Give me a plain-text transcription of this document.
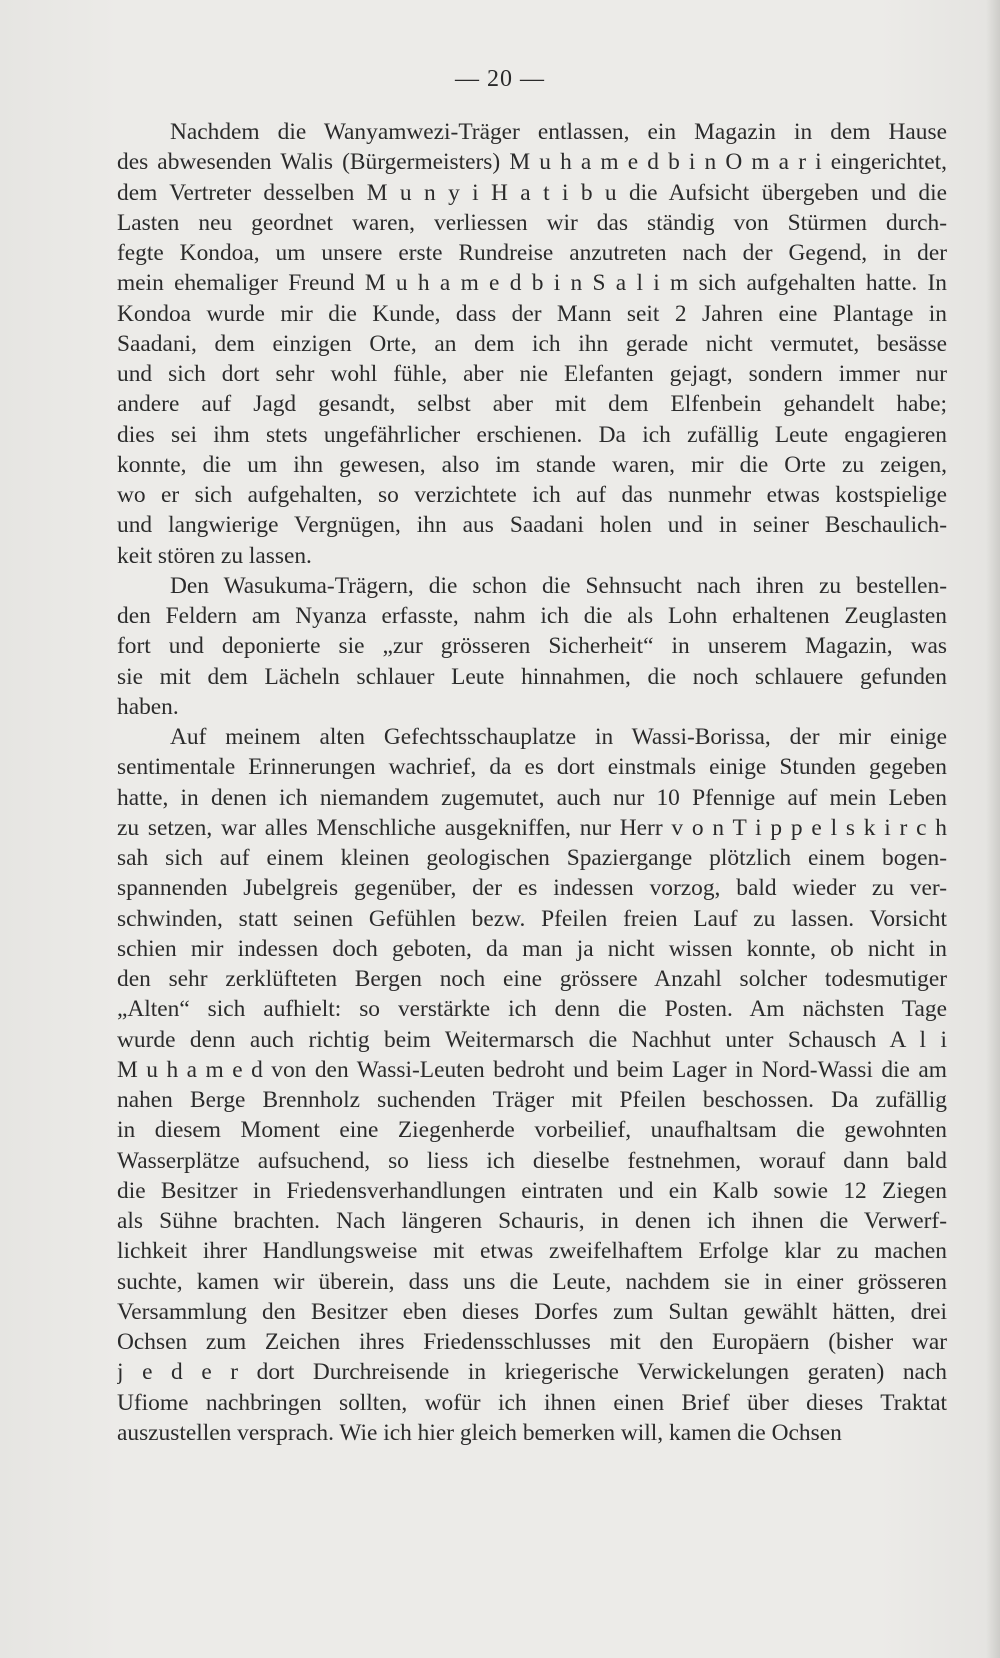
— 20 —
Nachdem die Wanyamwezi-Träger entlassen, ein Magazin in dem Hause
des abwesenden Walis (Bürgermeisters) M u h a m e d b i n O m a r i eingerichtet,
dem Vertreter desselben M u n y i H a t i b u die Aufsicht übergeben und die
Lasten neu geordnet waren, verliessen wir das ständig von Stürmen durch-
fegte Kondoa, um unsere erste Rundreise anzutreten nach der Gegend, in der
mein ehemaliger Freund M u h a m e d b i n S a l i m sich aufgehalten hatte. In
Kondoa wurde mir die Kunde, dass der Mann seit 2 Jahren eine Plantage in
Saadani, dem einzigen Orte, an dem ich ihn gerade nicht vermutet, besässe
und sich dort sehr wohl fühle, aber nie Elefanten gejagt, sondern immer nur
andere auf Jagd gesandt, selbst aber mit dem Elfenbein gehandelt habe;
dies sei ihm stets ungefährlicher erschienen. Da ich zufällig Leute engagieren
konnte, die um ihn gewesen, also im stande waren, mir die Orte zu zeigen,
wo er sich aufgehalten, so verzichtete ich auf das nunmehr etwas kostspielige
und langwierige Vergnügen, ihn aus Saadani holen und in seiner Beschaulich-
keit stören zu lassen.
Den Wasukuma-Trägern, die schon die Sehnsucht nach ihren zu bestellen-
den Feldern am Nyanza erfasste, nahm ich die als Lohn erhaltenen Zeuglasten
fort und deponierte sie „zur grösseren Sicherheit“ in unserem Magazin, was
sie mit dem Lächeln schlauer Leute hinnahmen, die noch schlauere gefunden
haben.
Auf meinem alten Gefechtsschauplatze in Wassi-Borissa, der mir einige
sentimentale Erinnerungen wachrief, da es dort einstmals einige Stunden gegeben
hatte, in denen ich niemandem zugemutet, auch nur 10 Pfennige auf mein Leben
zu setzen, war alles Menschliche ausgekniffen, nur Herr v o n T i p p e l s k i r c h
sah sich auf einem kleinen geologischen Spaziergange plötzlich einem bogen-
spannenden Jubelgreis gegenüber, der es indessen vorzog, bald wieder zu ver-
schwinden, statt seinen Gefühlen bezw. Pfeilen freien Lauf zu lassen. Vorsicht
schien mir indessen doch geboten, da man ja nicht wissen konnte, ob nicht in
den sehr zerklüfteten Bergen noch eine grössere Anzahl solcher todesmutiger
„Alten“ sich aufhielt: so verstärkte ich denn die Posten. Am nächsten Tage
wurde denn auch richtig beim Weitermarsch die Nachhut unter Schausch A l i
M u h a m e d von den Wassi-Leuten bedroht und beim Lager in Nord-Wassi die am
nahen Berge Brennholz suchenden Träger mit Pfeilen beschossen. Da zufällig
in diesem Moment eine Ziegenherde vorbeilief, unaufhaltsam die gewohnten
Wasserplätze aufsuchend, so liess ich dieselbe festnehmen, worauf dann bald
die Besitzer in Friedensverhandlungen eintraten und ein Kalb sowie 12 Ziegen
als Sühne brachten. Nach längeren Schauris, in denen ich ihnen die Verwerf-
lichkeit ihrer Handlungsweise mit etwas zweifelhaftem Erfolge klar zu machen
suchte, kamen wir überein, dass uns die Leute, nachdem sie in einer grösseren
Versammlung den Besitzer eben dieses Dorfes zum Sultan gewählt hätten, drei
Ochsen zum Zeichen ihres Friedensschlusses mit den Europäern (bisher war
j e d e r dort Durchreisende in kriegerische Verwickelungen geraten) nach
Ufiome nachbringen sollten, wofür ich ihnen einen Brief über dieses Traktat
auszustellen versprach. Wie ich hier gleich bemerken will, kamen die Ochsen
